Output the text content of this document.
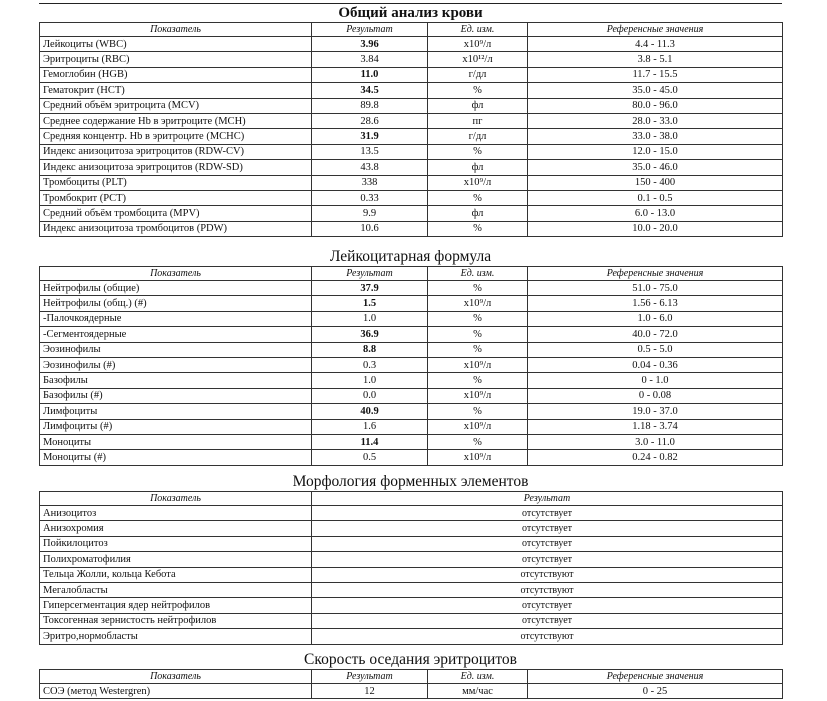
Общий анализ крови
Показатель	Результат	Ед. изм.	Референсные значения
Лейкоциты (WBC)	3.96	x10⁹/л	4.4 - 11.3
Эритроциты (RBC)	3.84	x10¹²/л	3.8 - 5.1
Гемоглобин (HGB)	11.0	г/дл	11.7 - 15.5
Гематокрит (HCT)	34.5	%	35.0 - 45.0
Средний объём эритроцита (MCV)	89.8	фл	80.0 - 96.0
Среднее содержание Hb в эритроците (MCH)	28.6	пг	28.0 - 33.0
Средняя концентр. Hb в эритроците (MCHC)	31.9	г/дл	33.0 - 38.0
Индекс анизоцитоза эритроцитов (RDW-CV)	13.5	%	12.0 - 15.0
Индекс анизоцитоза эритроцитов (RDW-SD)	43.8	фл	35.0 - 46.0
Тромбоциты (PLT)	338	x10⁹/л	150 - 400
Тромбокрит (PCT)	0.33	%	0.1 - 0.5
Средний объём тромбоцита (MPV)	9.9	фл	6.0 - 13.0
Индекс анизоцитоза тромбоцитов (PDW)	10.6	%	10.0 - 20.0
Лейкоцитарная формула
Показатель	Результат	Ед. изм.	Референсные значения
Нейтрофилы (общие)	37.9	%	51.0 - 75.0
Нейтрофилы (общ.) (#)	1.5	x10⁹/л	1.56 - 6.13
-Палочкоядерные	1.0	%	1.0 - 6.0
-Сегментоядерные	36.9	%	40.0 - 72.0
Эозинофилы	8.8	%	0.5 - 5.0
Эозинофилы (#)	0.3	x10⁹/л	0.04 - 0.36
Базофилы	1.0	%	0 - 1.0
Базофилы (#)	0.0	x10⁹/л	0 - 0.08
Лимфоциты	40.9	%	19.0 - 37.0
Лимфоциты (#)	1.6	x10⁹/л	1.18 - 3.74
Моноциты	11.4	%	3.0 - 11.0
Моноциты (#)	0.5	x10⁹/л	0.24 - 0.82
Морфология форменных элементов
Показатель	Результат
Анизоцитоз	отсутствует
Анизохромия	отсутствует
Пойкилоцитоз	отсутствует
Полихроматофилия	отсутствует
Тельца Жолли, кольца Кебота	отсутствуют
Мегалобласты	отсутствуют
Гиперсегментация ядер нейтрофилов	отсутствует
Токсогенная зернистость нейтрофилов	отсутствует
Эритро,нормобласты	отсутствуют
Скорость оседания эритроцитов
Показатель	Результат	Ед. изм.	Референсные значения
СОЭ (метод Westergren)	12	мм/час	0 - 25
